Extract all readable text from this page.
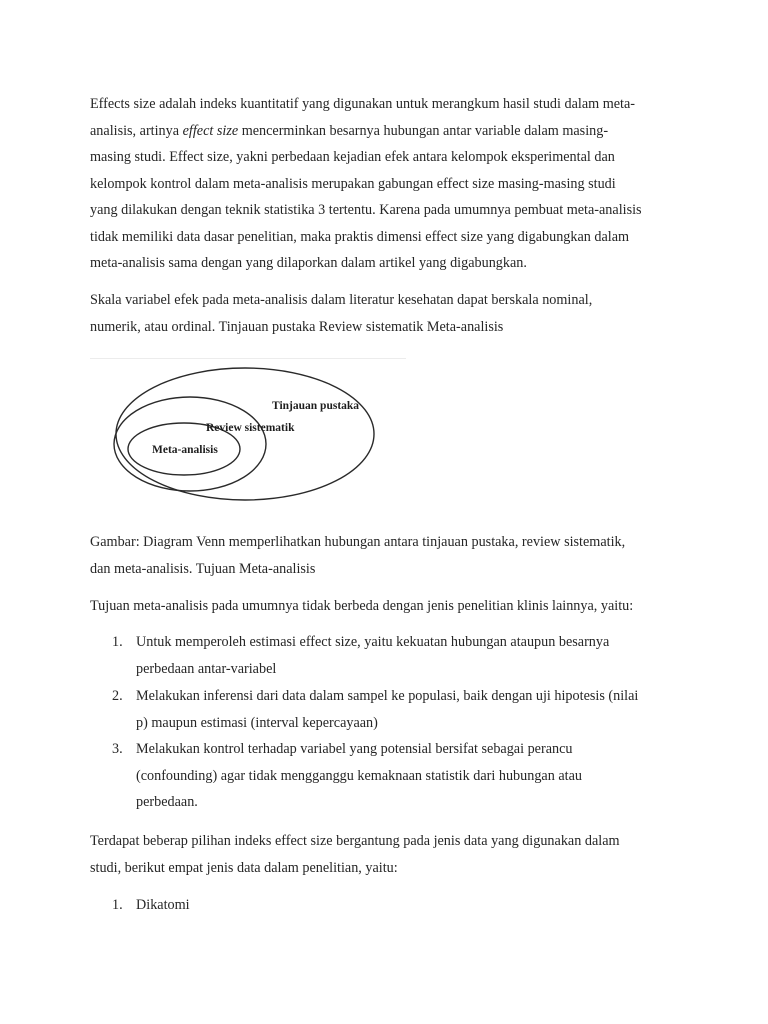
Effects size adalah indeks kuantitatif yang digunakan untuk merangkum hasil studi dalam meta-
analisis, artinya effect size mencerminkan besarnya hubungan antar variable dalam masing-
masing studi. Effect size, yakni perbedaan kejadian efek antara kelompok eksperimental dan
kelompok kontrol dalam meta-analisis merupakan gabungan effect size masing-masing studi
yang dilakukan dengan teknik statistika 3 tertentu. Karena pada umumnya pembuat meta-analisis
tidak memiliki data dasar penelitian, maka praktis dimensi effect size yang digabungkan dalam
meta-analisis sama dengan yang dilaporkan dalam artikel yang digabungkan.

Skala variabel efek pada meta-analisis dalam literatur kesehatan dapat berskala nominal,
numerik, atau ordinal. Tinjauan pustaka Review sistematik Meta-analisis

Tinjauan pustaka
Review sistematik
Meta-analisis

Gambar: Diagram Venn memperlihatkan hubungan antara tinjauan pustaka, review sistematik,
dan meta-analisis. Tujuan Meta-analisis

Tujuan meta-analisis pada umumnya tidak berbeda dengan jenis penelitian klinis lainnya, yaitu:

1. Untuk memperoleh estimasi effect size, yaitu kekuatan hubungan ataupun besarnya
perbedaan antar-variabel
2. Melakukan inferensi dari data dalam sampel ke populasi, baik dengan uji hipotesis (nilai
p) maupun estimasi (interval kepercayaan)
3. Melakukan kontrol terhadap variabel yang potensial bersifat sebagai perancu
(confounding) agar tidak mengganggu kemaknaan statistik dari hubungan atau
perbedaan.

Terdapat beberap pilihan indeks effect size bergantung pada jenis data yang digunakan dalam
studi, berikut empat jenis data dalam penelitian, yaitu:

1. Dikatomi
